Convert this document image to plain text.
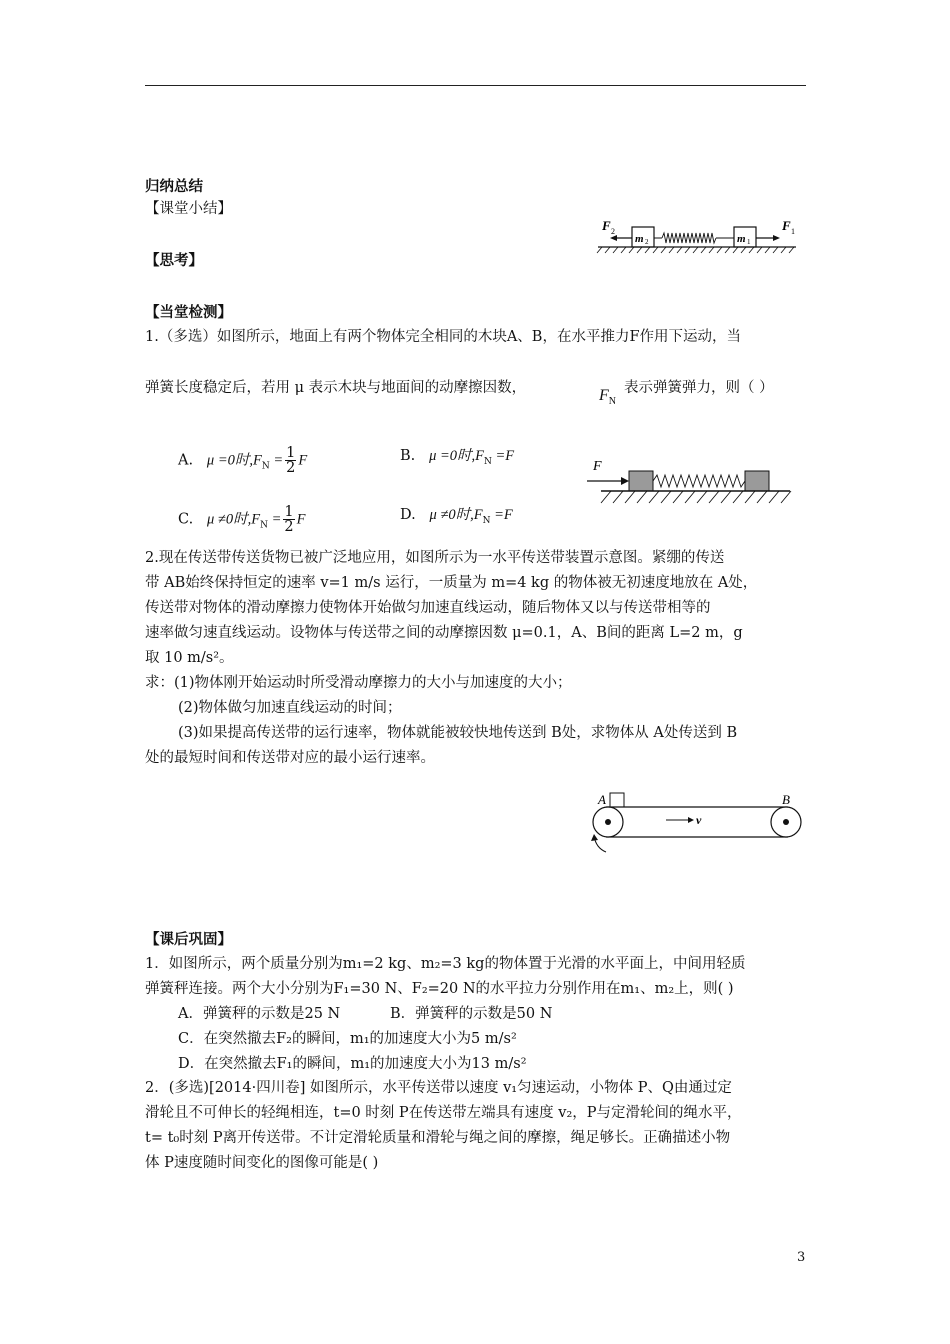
归纳总结
【课堂小结】
【思考】
【当堂检测】
F 2
m 2	m 1
F 1
1.（多选）如图所示，地面上有两个物体完全相同的木块A、B，在水平推力F作用下运动，当
弹簧长度稳定后，若用 μ 表示木块与地面间的动摩擦因数，	$F_N$
表示弹簧弹力，则（ ）
A. μ =0时$,F_N = \frac{1}{2}$ F	B. μ =0时$,F_N =F$
C. μ ≠0时$,F_N = \frac{1}{2}$ F	D. μ ≠0时$,F_N =F$
F
2.现在传送带传送货物已被广泛地应用，如图所示为一水平传送带装置示意图。紧绷的传送
带 AB始终保持恒定的速率 v=1 m/s 运行，一质量为 m=4 kg 的物体被无初速度地放在 A处，
传送带对物体的滑动摩擦力使物体开始做匀加速直线运动，随后物体又以与传送带相等的
速率做匀速直线运动。设物体与传送带之间的动摩擦因数 μ=0.1，A、B间的距离 L=2 m，g
取 10 m/s²。
求：(1)物体刚开始运动时所受滑动摩擦力的大小与加速度的大小；
(2)物体做匀加速直线运动的时间；
(3)如果提高传送带的运行速率，物体就能被较快地传送到 B处，求物体从 A处传送到 B
处的最短时间和传送带对应的最小运行速率。
A	B
v
【课后巩固】
1．如图所示，两个质量分别为m₁=2 kg、m₂=3 kg的物体置于光滑的水平面上，中间用轻质
弹簧秤连接。两个大小分别为F₁=30 N、F₂=20 N的水平拉力分别作用在m₁、m₂上，则( )
A．弹簧秤的示数是25 N	B．弹簧秤的示数是50 N
C．在突然撤去F₂的瞬间，m₁的加速度大小为5 m/s²
D．在突然撤去F₁的瞬间，m₁的加速度大小为13 m/s²
2．(多选)[2014·四川卷] 如图所示，水平传送带以速度 v₁匀速运动，小物体 P、Q由通过定
滑轮且不可伸长的轻绳相连，t=0 时刻 P在传送带左端具有速度 v₂，P与定滑轮间的绳水平，
t= t₀时刻 P离开传送带。不计定滑轮质量和滑轮与绳之间的摩擦，绳足够长。正确描述小物
体 P速度随时间变化的图像可能是( )
3
